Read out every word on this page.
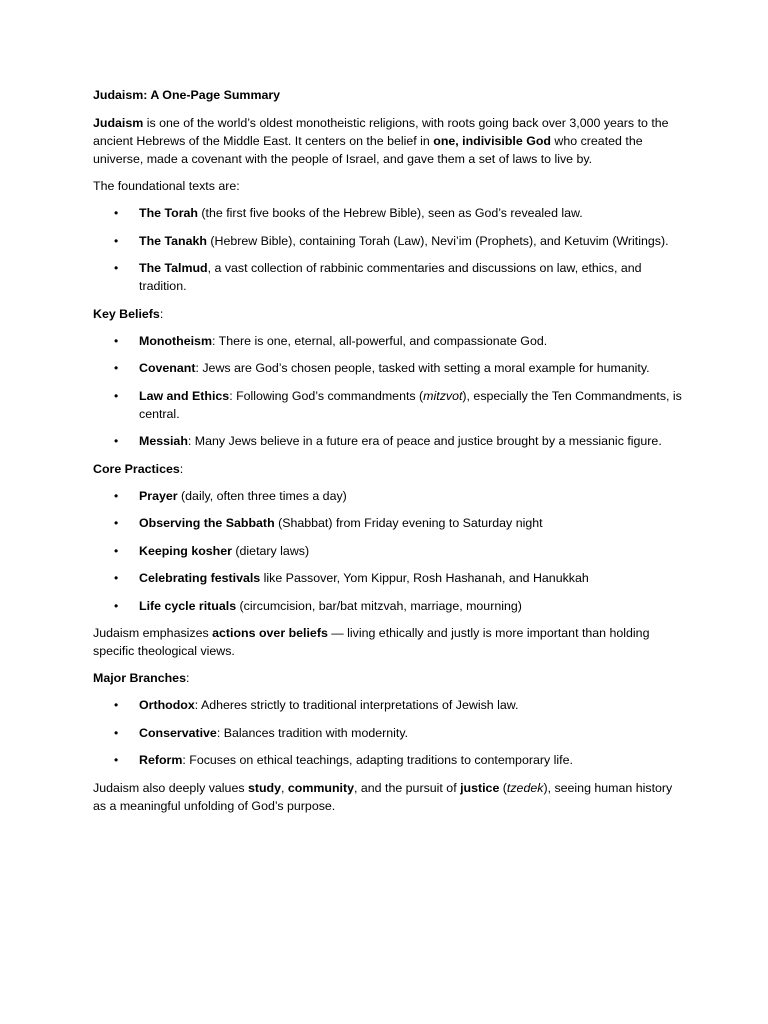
Judaism: A One-Page Summary

Judaism is one of the world’s oldest monotheistic religions, with roots going back over 3,000 years to the ancient Hebrews of the Middle East. It centers on the belief in one, indivisible God who created the universe, made a covenant with the people of Israel, and gave them a set of laws to live by.

The foundational texts are:

• The Torah (the first five books of the Hebrew Bible), seen as God’s revealed law.
• The Tanakh (Hebrew Bible), containing Torah (Law), Nevi’im (Prophets), and Ketuvim (Writings).
• The Talmud, a vast collection of rabbinic commentaries and discussions on law, ethics, and tradition.

Key Beliefs:

• Monotheism: There is one, eternal, all-powerful, and compassionate God.
• Covenant: Jews are God’s chosen people, tasked with setting a moral example for humanity.
• Law and Ethics: Following God’s commandments (mitzvot), especially the Ten Commandments, is central.
• Messiah: Many Jews believe in a future era of peace and justice brought by a messianic figure.

Core Practices:

• Prayer (daily, often three times a day)
• Observing the Sabbath (Shabbat) from Friday evening to Saturday night
• Keeping kosher (dietary laws)
• Celebrating festivals like Passover, Yom Kippur, Rosh Hashanah, and Hanukkah
• Life cycle rituals (circumcision, bar/bat mitzvah, marriage, mourning)

Judaism emphasizes actions over beliefs — living ethically and justly is more important than holding specific theological views.

Major Branches:

• Orthodox: Adheres strictly to traditional interpretations of Jewish law.
• Conservative: Balances tradition with modernity.
• Reform: Focuses on ethical teachings, adapting traditions to contemporary life.

Judaism also deeply values study, community, and the pursuit of justice (tzedek), seeing human history as a meaningful unfolding of God’s purpose.
